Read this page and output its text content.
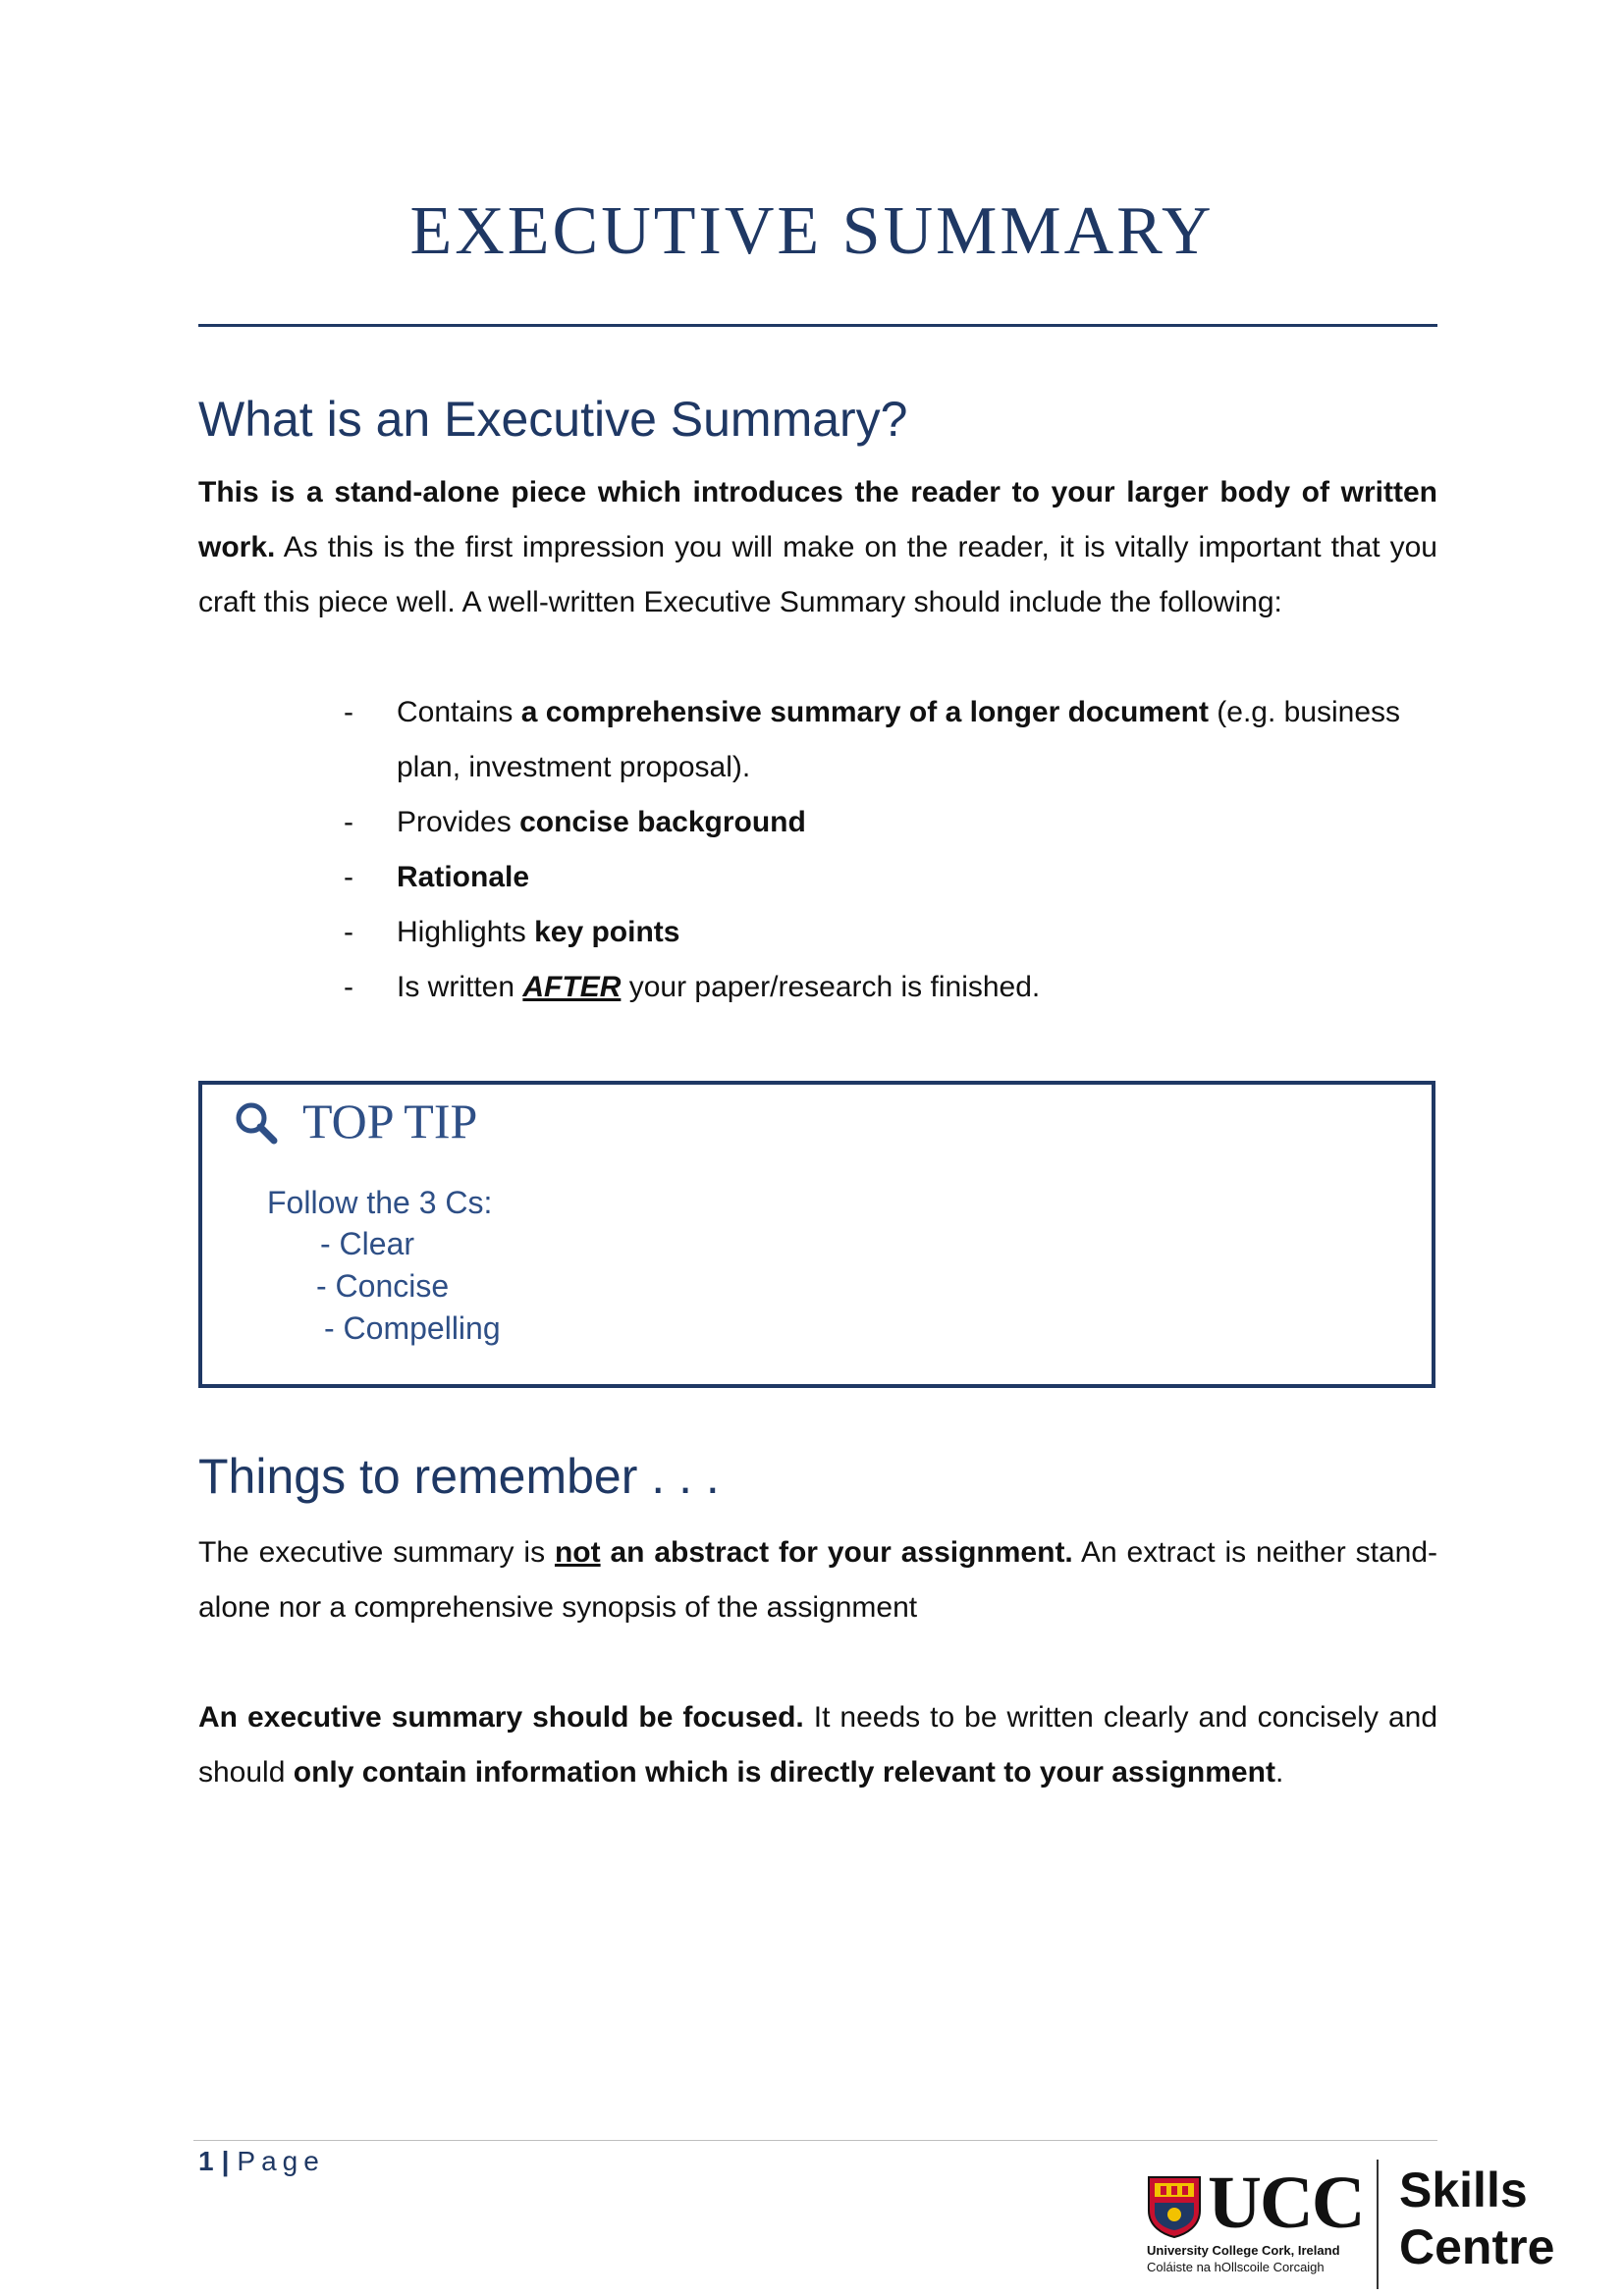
EXECUTIVE SUMMARY
What is an Executive Summary?

This is a stand-alone piece which introduces the reader to your larger body of written work. As this is the first impression you will make on the reader, it is vitally important that you craft this piece well. A well-written Executive Summary should include the following:

- Contains a comprehensive summary of a longer document (e.g. business plan, investment proposal).
- Provides concise background
- Rationale
- Highlights key points
- Is written AFTER your paper/research is finished.
TOP TIP
Follow the 3 Cs:
- Clear
- Concise
- Compelling
Things to remember . . .

The executive summary is not an abstract for your assignment. An extract is neither stand-alone nor a comprehensive synopsis of the assignment

An executive summary should be focused. It needs to be written clearly and concisely and should only contain information which is directly relevant to your assignment.

1 | Page
UCC
University College Cork, Ireland
Coláiste na hOllscoile Corcaigh
Skills
Centre
